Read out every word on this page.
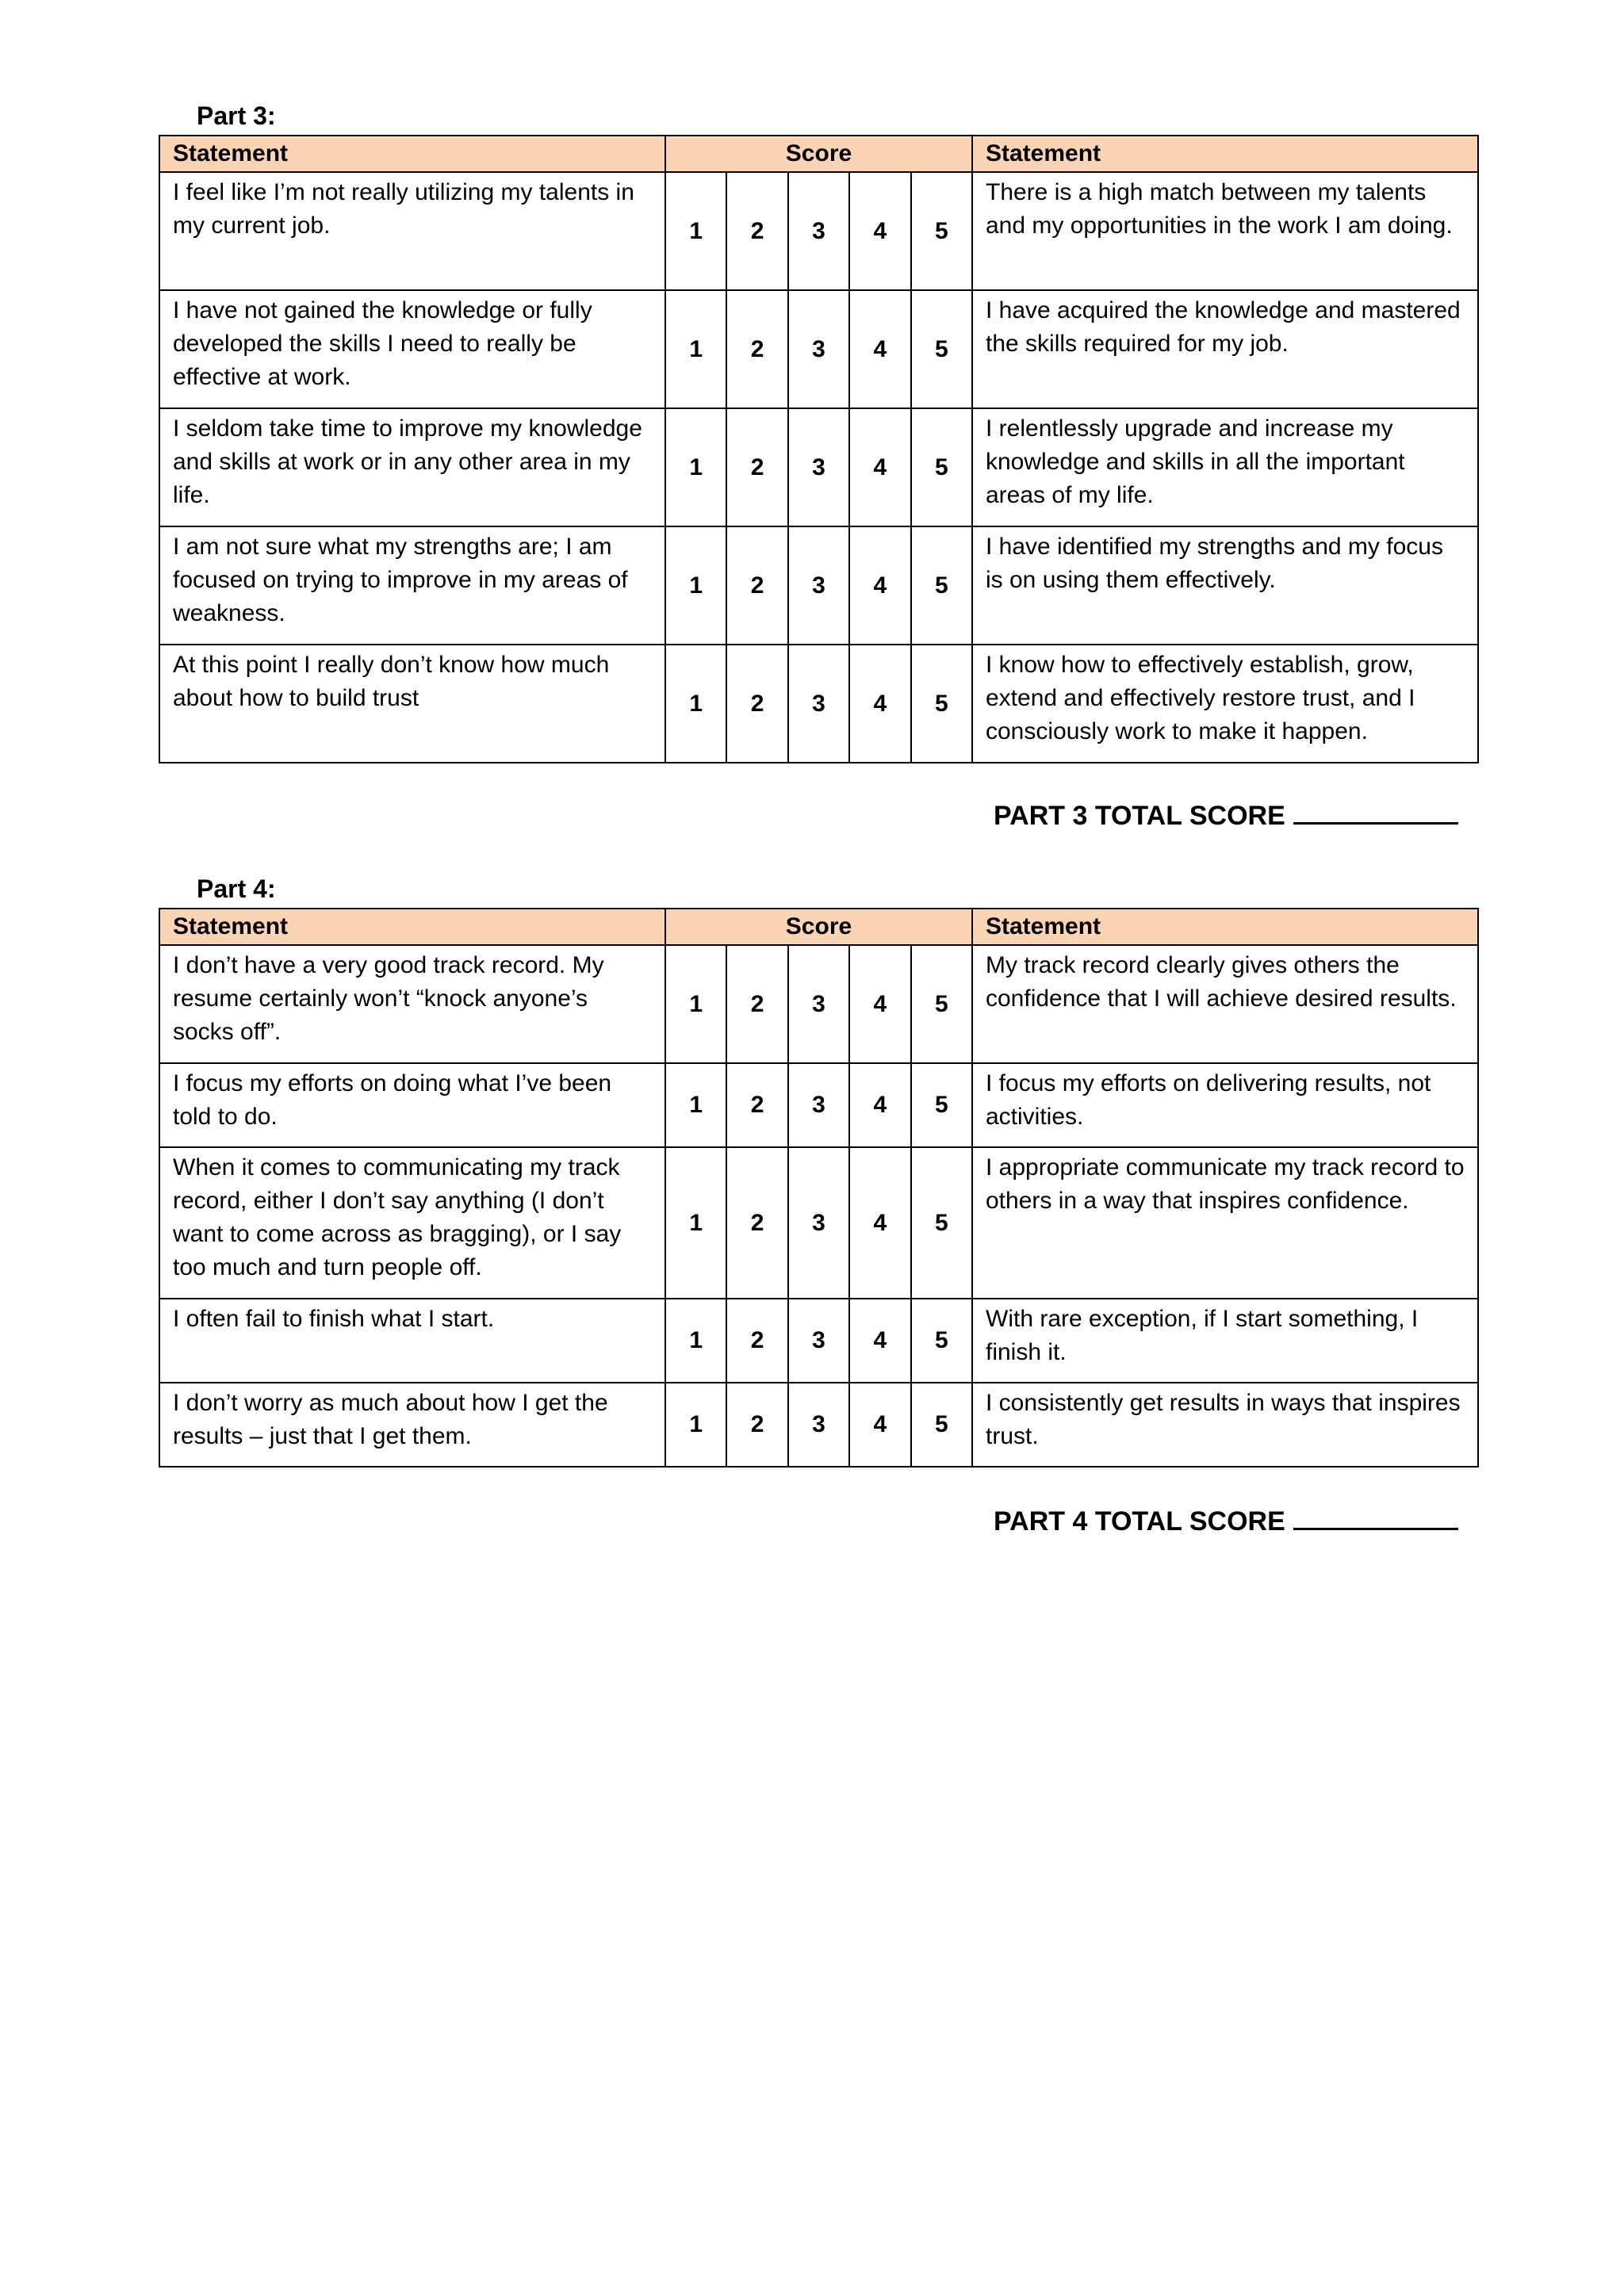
Part 3:
Statement	Score					Statement
I feel like I’m not really utilizing my talents in my current job.	1	2	3	4	5	There is a high match between my talents and my opportunities in the work I am doing.
I have not gained the knowledge or fully developed the skills I need to really be effective at work.	1	2	3	4	5	I have acquired the knowledge and mastered the skills required for my job.
I seldom take time to improve my knowledge and skills at work or in any other area in my life.	1	2	3	4	5	I relentlessly upgrade and increase my knowledge and skills in all the important areas of my life.
I am not sure what my strengths are; I am focused on trying to improve in my areas of weakness.	1	2	3	4	5	I have identified my strengths and my focus is on using them effectively.
At this point I really don’t know how much about how to build trust	1	2	3	4	5	I know how to effectively establish, grow, extend and effectively restore trust, and I consciously work to make it happen.
PART 3 TOTAL SCORE
Part 4:
Statement	Score					Statement
I don’t have a very good track record. My resume certainly won’t “knock anyone’s socks off”.	1	2	3	4	5	My track record clearly gives others the confidence that I will achieve desired results.
I focus my efforts on doing what I’ve been told to do.	1	2	3	4	5	I focus my efforts on delivering results, not activities.
When it comes to communicating my track record, either I don’t say anything (I don’t want to come across as bragging), or I say too much and turn people off.	1	2	3	4	5	I appropriate communicate my track record to others in a way that inspires confidence.
I often fail to finish what I start.	1	2	3	4	5	With rare exception, if I start something, I finish it.
I don’t worry as much about how I get the results – just that I get them.	1	2	3	4	5	I consistently get results in ways that inspires trust.
PART 4 TOTAL SCORE
